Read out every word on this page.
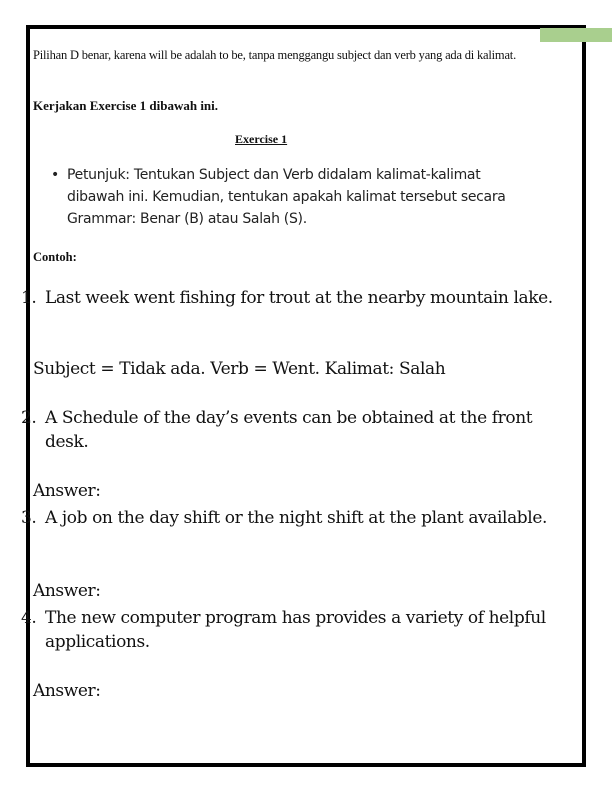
Pilihan D benar, karena will be adalah to be, tanpa menggangu subject dan verb yang ada di kalimat.

Kerjakan Exercise 1 dibawah ini.

Exercise 1

• Petunjuk: Tentukan Subject dan Verb didalam kalimat-kalimat dibawah ini. Kemudian, tentukan apakah kalimat tersebut secara Grammar: Benar (B) atau Salah (S).

Contoh:

1. Last week went fishing for trout at the nearby mountain lake.

Subject = Tidak ada. Verb = Went. Kalimat: Salah

2. A Schedule of the day’s events can be obtained at the front desk.

Answer:

3. A job on the day shift or the night shift at the plant available.

Answer:

4. The new computer program has provides a variety of helpful applications.

Answer:
